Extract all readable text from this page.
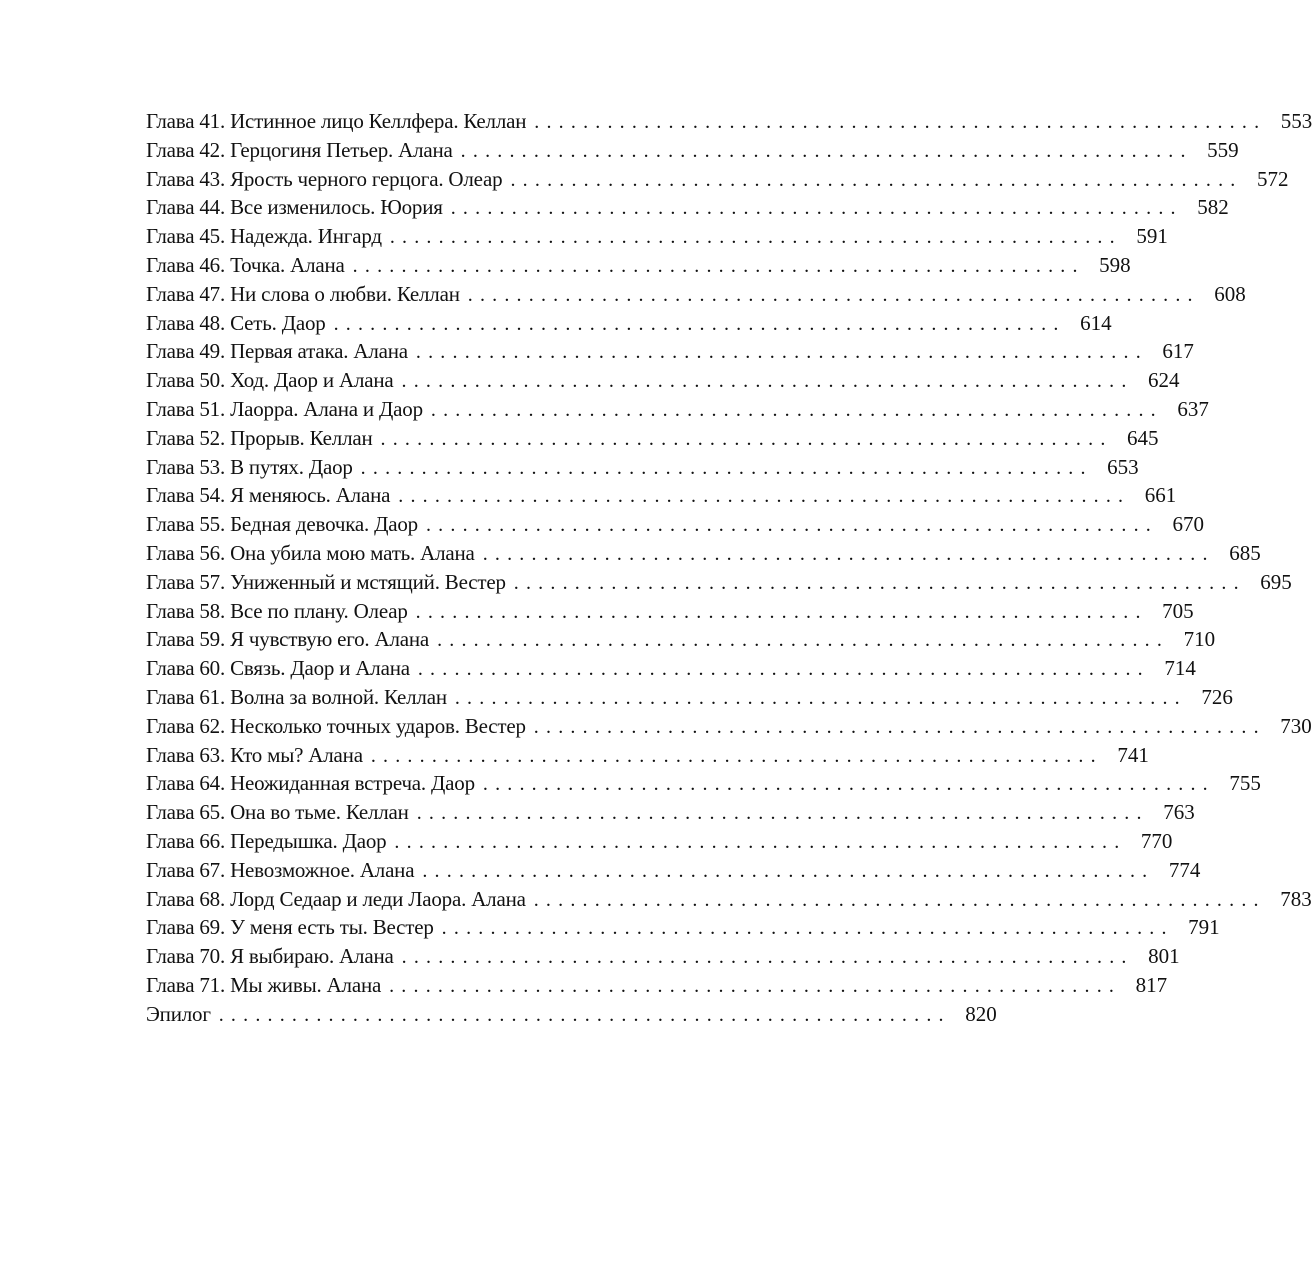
Глава 41. Истинное лицо Келлфера. Келлан ............................................................ 553
Глава 42. Герцогиня Петьер. Алана ............................................................ 559
Глава 43. Ярость черного герцога. Олеар ............................................................ 572
Глава 44. Все изменилось. Юория ............................................................ 582
Глава 45. Надежда. Ингард ............................................................ 591
Глава 46. Точка. Алана ............................................................ 598
Глава 47. Ни слова о любви. Келлан ............................................................ 608
Глава 48. Сеть. Даор ............................................................ 614
Глава 49. Первая атака. Алана ............................................................ 617
Глава 50. Ход. Даор и Алана ............................................................ 624
Глава 51. Лаорра. Алана и Даор ............................................................ 637
Глава 52. Прорыв. Келлан ............................................................ 645
Глава 53. В путях. Даор ............................................................ 653
Глава 54. Я меняюсь. Алана ............................................................ 661
Глава 55. Бедная девочка. Даор ............................................................ 670
Глава 56. Она убила мою мать. Алана ............................................................ 685
Глава 57. Униженный и мстящий. Вестер ............................................................ 695
Глава 58. Все по плану. Олеар ............................................................ 705
Глава 59. Я чувствую его. Алана ............................................................ 710
Глава 60. Связь. Даор и Алана ............................................................ 714
Глава 61. Волна за волной. Келлан ............................................................ 726
Глава 62. Несколько точных ударов. Вестер ............................................................ 730
Глава 63. Кто мы? Алана ............................................................ 741
Глава 64. Неожиданная встреча. Даор ............................................................ 755
Глава 65. Она во тьме. Келлан ............................................................ 763
Глава 66. Передышка. Даор ............................................................ 770
Глава 67. Невозможное. Алана ............................................................ 774
Глава 68. Лорд Седаар и леди Лаора. Алана ............................................................ 783
Глава 69. У меня есть ты. Вестер ............................................................ 791
Глава 70. Я выбираю. Алана ............................................................ 801
Глава 71. Мы живы. Алана ............................................................ 817
Эпилог ............................................................ 820
